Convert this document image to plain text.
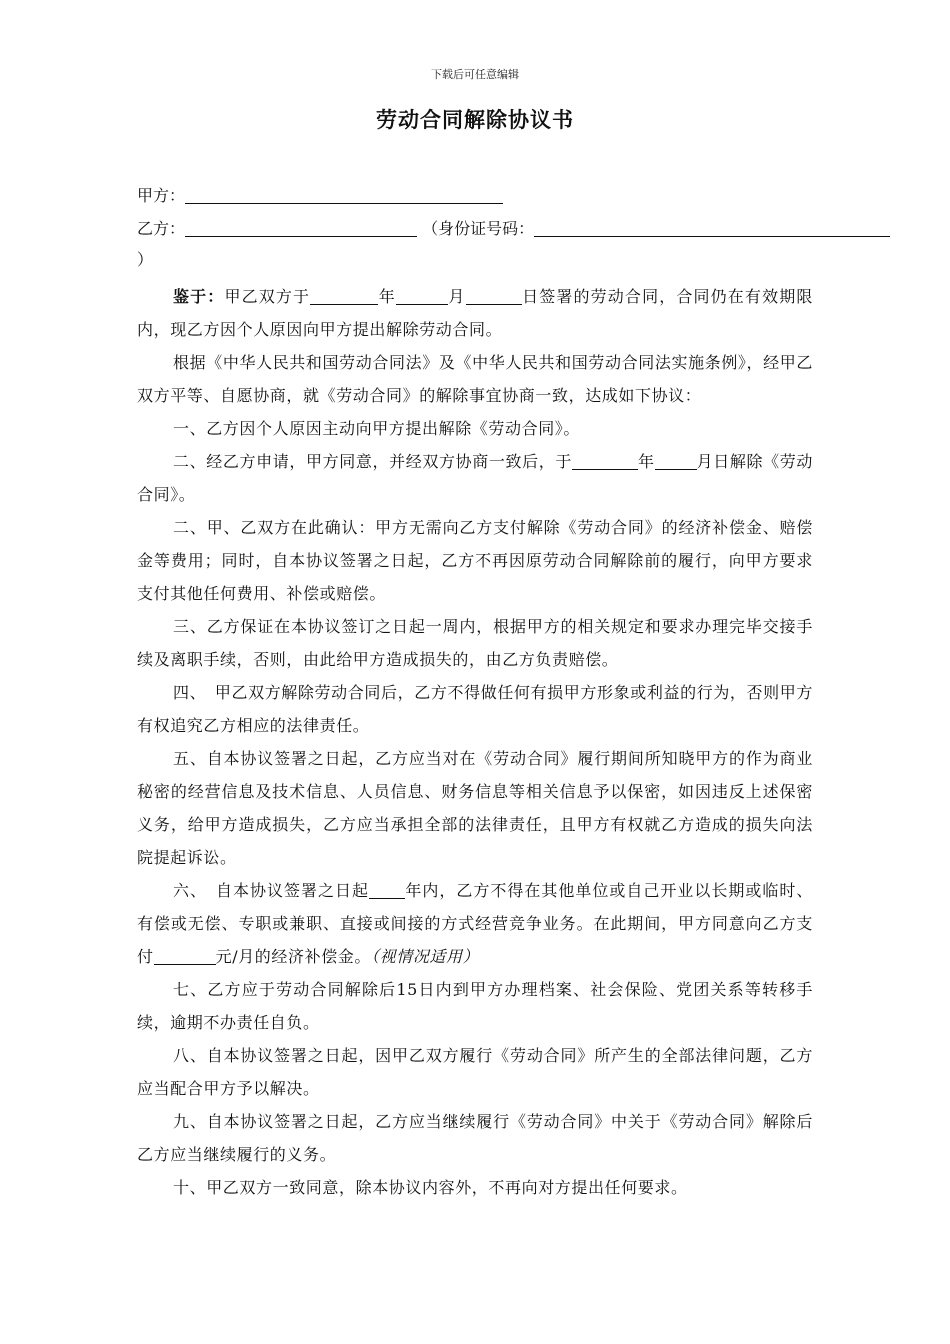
下载后可任意编辑
劳动合同解除协议书
甲方：
乙方：	（身份证号码：
）

鉴于：甲乙双方于	年	月	日签署的劳动合同，合同仍在有效期限内，现乙方因个人原因向甲方提出解除劳动合同。

根据《中华人民共和国劳动合同法》及《中华人民共和国劳动合同法实施条例》，经甲乙双方平等、自愿协商，就《劳动合同》的解除事宜协商一致，达成如下协议：

一、乙方因个人原因主动向甲方提出解除《劳动合同》。

二、经乙方申请，甲方同意，并经双方协商一致后，于	年	月日解除《劳动合同》。

二、甲、乙双方在此确认：甲方无需向乙方支付解除《劳动合同》的经济补偿金、赔偿金等费用；同时，自本协议签署之日起，乙方不再因原劳动合同解除前的履行，向甲方要求支付其他任何费用、补偿或赔偿。

三、乙方保证在本协议签订之日起一周内，根据甲方的相关规定和要求办理完毕交接手续及离职手续，否则，由此给甲方造成损失的，由乙方负责赔偿。

四、　甲乙双方解除劳动合同后，乙方不得做任何有损甲方形象或利益的行为，否则甲方有权追究乙方相应的法律责任。

五、自本协议签署之日起，乙方应当对在《劳动合同》履行期间所知晓甲方的作为商业秘密的经营信息及技术信息、人员信息、财务信息等相关信息予以保密，如因违反上述保密义务，给甲方造成损失，乙方应当承担全部的法律责任，且甲方有权就乙方造成的损失向法院提起诉讼。

六、　自本协议签署之日起 年内，乙方不得在其他单位或自己开业以长期或临时、有偿或无偿、专职或兼职、直接或间接的方式经营竞争业务。在此期间，甲方同意向乙方支付	元/月的经济补偿金。（视情况适用）

七、乙方应于劳动合同解除后15日内到甲方办理档案、社会保险、党团关系等转移手续，逾期不办责任自负。

八、自本协议签署之日起，因甲乙双方履行《劳动合同》所产生的全部法律问题，乙方应当配合甲方予以解决。

九、自本协议签署之日起，乙方应当继续履行《劳动合同》中关于《劳动合同》解除后乙方应当继续履行的义务。

十、甲乙双方一致同意，除本协议内容外，不再向对方提出任何要求。
